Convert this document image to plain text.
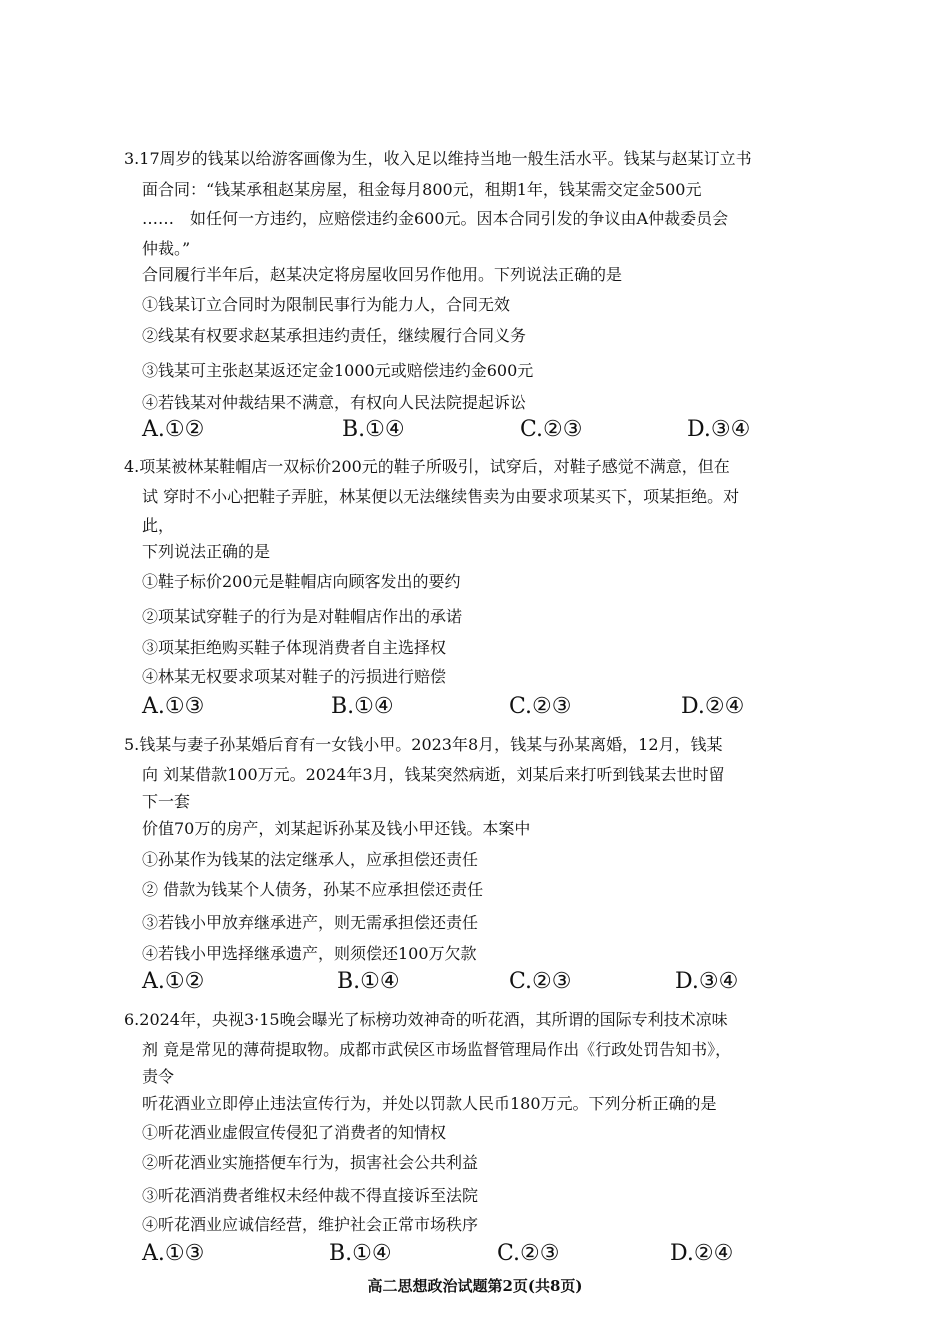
3.17周岁的钱某以给游客画像为生，收入足以维持当地一般生活水平。钱某与赵某订立书
面合同：“钱某承租赵某房屋，租金每月800元，租期1年，钱某需交定金500元
……　如任何一方违约，应赔偿违约金600元。因本合同引发的争议由A仲裁委员会
仲裁。”
合同履行半年后，赵某决定将房屋收回另作他用。下列说法正确的是
①钱某订立合同时为限制民事行为能力人，合同无效
②线某有权要求赵某承担违约责任，继续履行合同义务
③钱某可主张赵某返还定金1000元或赔偿违约金600元
④若钱某对仲裁结果不满意，有权向人民法院提起诉讼
A.①②	B.①④	C.②③	D.③④
4.项某被林某鞋帽店一双标价200元的鞋子所吸引，试穿后，对鞋子感觉不满意，但在
试 穿时不小心把鞋子弄脏，林某便以无法继续售卖为由要求项某买下，项某拒绝。对
此，
下列说法正确的是
①鞋子标价200元是鞋帽店向顾客发出的要约
②项某试穿鞋子的行为是对鞋帽店作出的承诺
③项某拒绝购买鞋子体现消费者自主选择权
④林某无权要求项某对鞋子的污损进行赔偿
A.①③	B.①④	C.②③	D.②④
5.钱某与妻子孙某婚后育有一女钱小甲。2023年8月，钱某与孙某离婚，12月，钱某
向 刘某借款100万元。2024年3月，钱某突然病逝，刘某后来打听到钱某去世时留
下一套
价值70万的房产，刘某起诉孙某及钱小甲还钱。本案中
①孙某作为钱某的法定继承人，应承担偿还责任
② 借款为钱某个人债务，孙某不应承担偿还责任
③若钱小甲放弃继承进产，则无需承担偿还责任
④若钱小甲选择继承遗产，则须偿还100万欠款
A.①②	B.①④	C.②③	D.③④
6.2024年，央视3·15晚会曝光了标榜功效神奇的听花酒，其所谓的国际专利技术凉味
剂 竟是常见的薄荷提取物。成都市武侯区市场监督管理局作出《行政处罚告知书》，
责令
听花酒业立即停止违法宣传行为，并处以罚款人民币180万元。下列分析正确的是
①听花酒业虚假宣传侵犯了消费者的知情权
②听花酒业实施搭便车行为，损害社会公共利益
③听花酒消费者维权未经仲裁不得直接诉至法院
④听花酒业应诚信经营，维护社会正常市场秩序
A.①③	B.①④	C.②③	D.②④
高二思想政治试题第2页(共8页)
